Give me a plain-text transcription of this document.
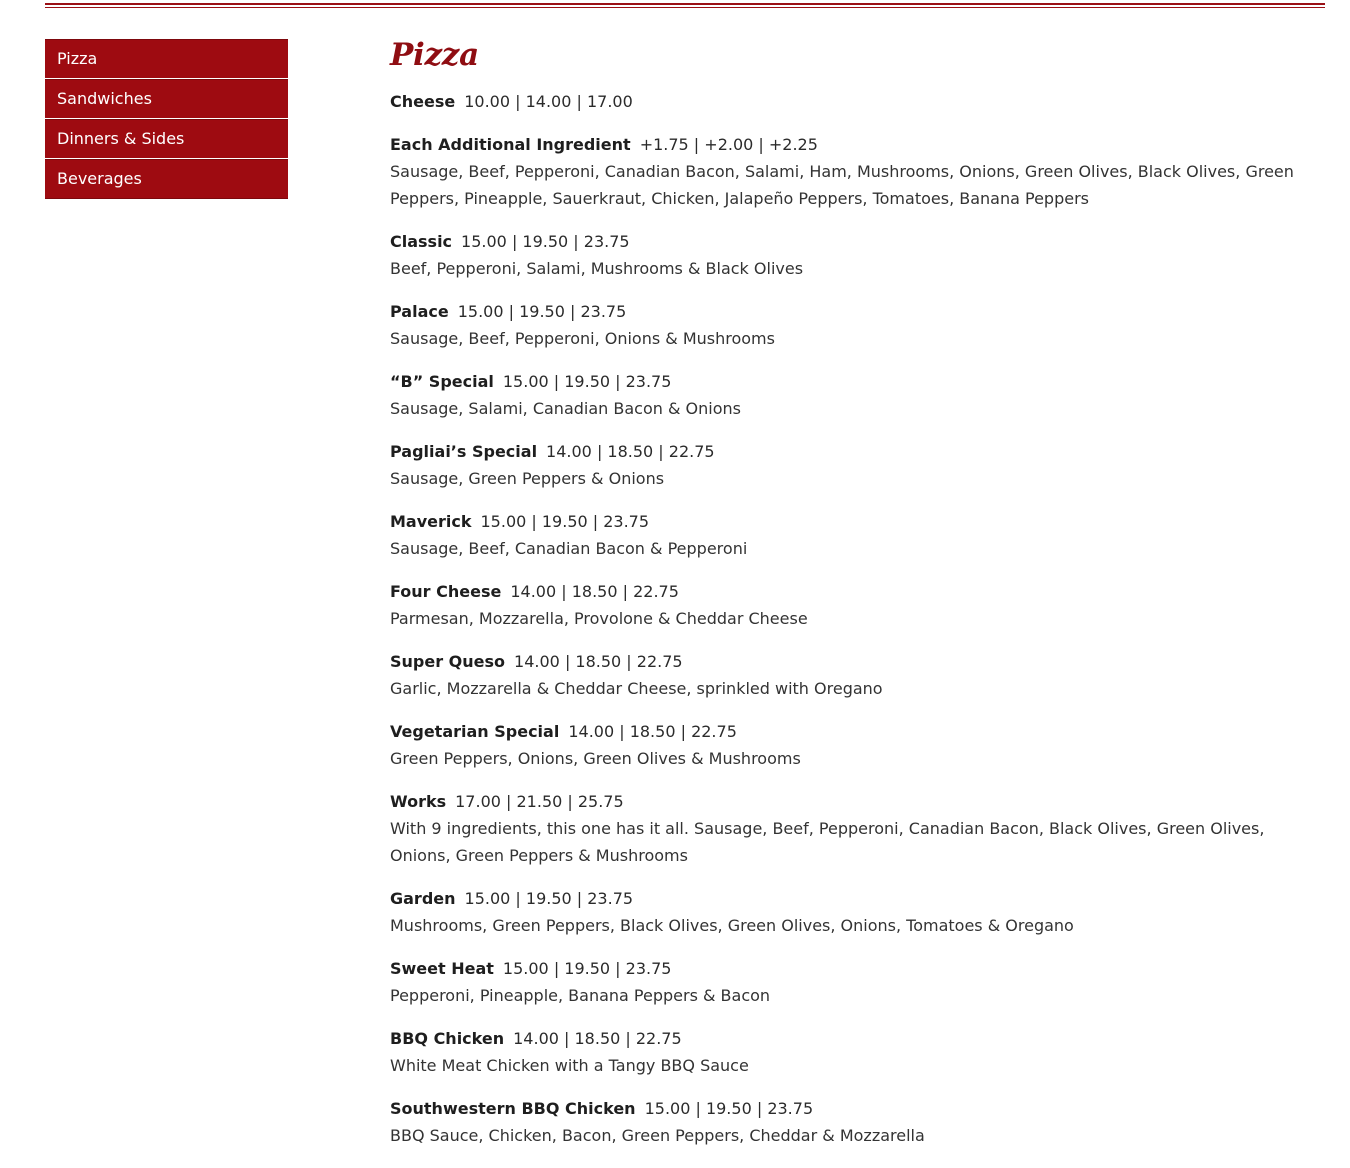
Pizza
Sandwiches
Dinners & Sides
Beverages
Pizza
Cheese 10.00 | 14.00 | 17.00
Each Additional Ingredient +1.75 | +2.00 | +2.25
Sausage, Beef, Pepperoni, Canadian Bacon, Salami, Ham, Mushrooms, Onions, Green Olives, Black Olives, Green Peppers, Pineapple, Sauerkraut, Chicken, Jalapeño Peppers, Tomatoes, Banana Peppers
Classic 15.00 | 19.50 | 23.75
Beef, Pepperoni, Salami, Mushrooms & Black Olives
Palace 15.00 | 19.50 | 23.75
Sausage, Beef, Pepperoni, Onions & Mushrooms
“B” Special 15.00 | 19.50 | 23.75
Sausage, Salami, Canadian Bacon & Onions
Pagliai’s Special 14.00 | 18.50 | 22.75
Sausage, Green Peppers & Onions
Maverick 15.00 | 19.50 | 23.75
Sausage, Beef, Canadian Bacon & Pepperoni
Four Cheese 14.00 | 18.50 | 22.75
Parmesan, Mozzarella, Provolone & Cheddar Cheese
Super Queso 14.00 | 18.50 | 22.75
Garlic, Mozzarella & Cheddar Cheese, sprinkled with Oregano
Vegetarian Special 14.00 | 18.50 | 22.75
Green Peppers, Onions, Green Olives & Mushrooms
Works 17.00 | 21.50 | 25.75
With 9 ingredients, this one has it all. Sausage, Beef, Pepperoni, Canadian Bacon, Black Olives, Green Olives, Onions, Green Peppers & Mushrooms
Garden 15.00 | 19.50 | 23.75
Mushrooms, Green Peppers, Black Olives, Green Olives, Onions, Tomatoes & Oregano
Sweet Heat 15.00 | 19.50 | 23.75
Pepperoni, Pineapple, Banana Peppers & Bacon
BBQ Chicken 14.00 | 18.50 | 22.75
White Meat Chicken with a Tangy BBQ Sauce
Southwestern BBQ Chicken 15.00 | 19.50 | 23.75
BBQ Sauce, Chicken, Bacon, Green Peppers, Cheddar & Mozzarella
